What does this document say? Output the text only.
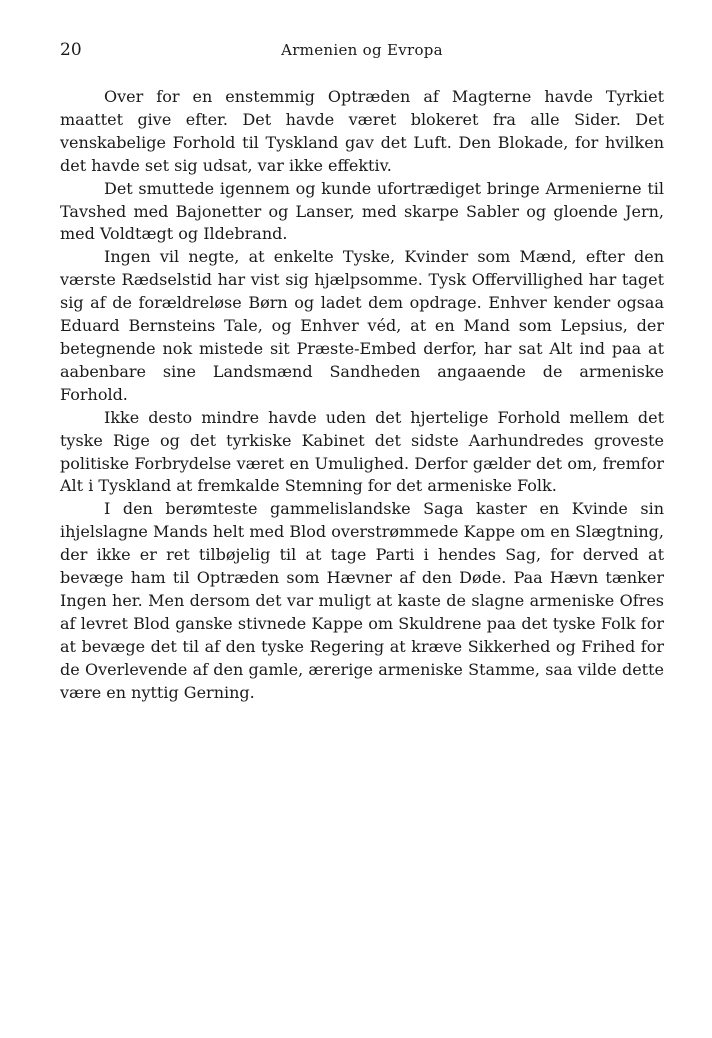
20	Armenien og Evropa

Over for en enstemmig Optræden af Magterne havde Tyrkiet maattet give efter. Det havde været blokeret fra alle Sider. Det venskabelige Forhold til Tyskland gav det Luft. Den Blokade, for hvilken det havde set sig udsat, var ikke effektiv.

Det smuttede igennem og kunde ufortrædiget bringe Armenierne til Tavshed med Bajonetter og Lanser, med skarpe Sabler og gloende Jern, med Voldtægt og Ildebrand.

Ingen vil negte, at enkelte Tyske, Kvinder som Mænd, efter den værste Rædselstid har vist sig hjælpsomme. Tysk Offervillighed har taget sig af de forældreløse Børn og ladet dem opdrage. Enhver kender ogsaa Eduard Bernsteins Tale, og Enhver véd, at en Mand som Lepsius, der betegnende nok mistede sit Præste-Embed derfor, har sat Alt ind paa at aabenbare sine Landsmænd Sandheden angaaende de armeniske Forhold.

Ikke desto mindre havde uden det hjertelige Forhold mellem det tyske Rige og det tyrkiske Kabinet det sidste Aarhundredes groveste politiske Forbrydelse været en Umulighed. Derfor gælder det om, fremfor Alt i Tyskland at fremkalde Stemning for det armeniske Folk.

I den berømteste gammelislandske Saga kaster en Kvinde sin ihjelslagne Mands helt med Blod overstrømmede Kappe om en Slægtning, der ikke er ret tilbøjelig til at tage Parti i hendes Sag, for derved at bevæge ham til Optræden som Hævner af den Døde. Paa Hævn tænker Ingen her. Men dersom det var muligt at kaste de slagne armeniske Ofres af levret Blod ganske stivnede Kappe om Skuldrene paa det tyske Folk for at bevæge det til af den tyske Regering at kræve Sikkerhed og Frihed for de Overlevende af den gamle, ærerige armeniske Stamme, saa vilde dette være en nyttig Gerning.
